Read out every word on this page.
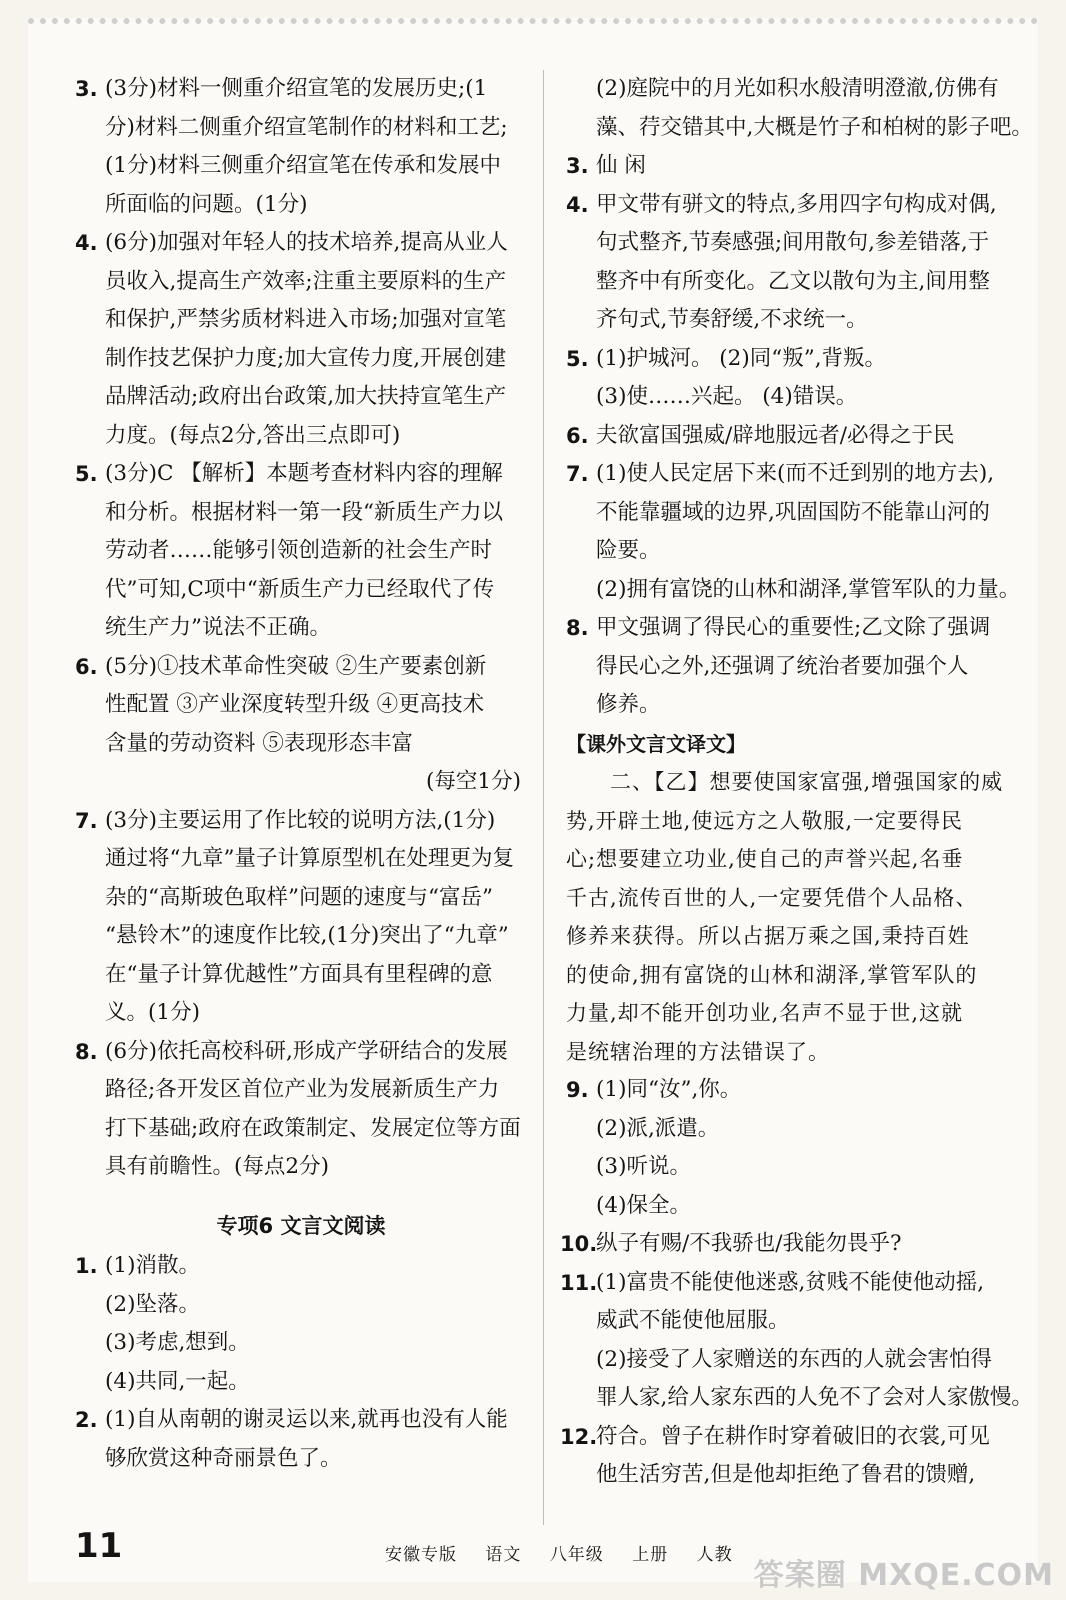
3. (3分)材料一侧重介绍宣笔的发展历史;(1
分)材料二侧重介绍宣笔制作的材料和工艺;
(1分)材料三侧重介绍宣笔在传承和发展中
所面临的问题。(1分)
4. (6分)加强对年轻人的技术培养,提高从业人
员收入,提高生产效率;注重主要原料的生产
和保护,严禁劣质材料进入市场;加强对宣笔
制作技艺保护力度;加大宣传力度,开展创建
品牌活动;政府出台政策,加大扶持宣笔生产
力度。(每点2分,答出三点即可)
5. (3分)C 【解析】本题考查材料内容的理解
和分析。根据材料一第一段“新质生产力以
劳动者……能够引领创造新的社会生产时
代”可知,C项中“新质生产力已经取代了传
统生产力”说法不正确。
6. (5分)①技术革命性突破 ②生产要素创新
性配置 ③产业深度转型升级 ④更高技术
含量的劳动资料 ⑤表现形态丰富
(每空1分)
7. (3分)主要运用了作比较的说明方法,(1分)
通过将“九章”量子计算原型机在处理更为复
杂的“高斯玻色取样”问题的速度与“富岳”
“悬铃木”的速度作比较,(1分)突出了“九章”
在“量子计算优越性”方面具有里程碑的意
义。(1分)
8. (6分)依托高校科研,形成产学研结合的发展
路径;各开发区首位产业为发展新质生产力
打下基础;政府在政策制定、发展定位等方面
具有前瞻性。(每点2分)
专项6 文言文阅读
1. (1)消散。
(2)坠落。
(3)考虑,想到。
(4)共同,一起。
2. (1)自从南朝的谢灵运以来,就再也没有人能
够欣赏这种奇丽景色了。
(2)庭院中的月光如积水般清明澄澈,仿佛有
藻、荇交错其中,大概是竹子和柏树的影子吧。
3. 仙 闲
4. 甲文带有骈文的特点,多用四字句构成对偶,
句式整齐,节奏感强;间用散句,参差错落,于
整齐中有所变化。乙文以散句为主,间用整
齐句式,节奏舒缓,不求统一。
5. (1)护城河。 (2)同“叛”,背叛。
(3)使……兴起。 (4)错误。
6. 夫欲富国强威/辟地服远者/必得之于民
7. (1)使人民定居下来(而不迁到别的地方去),
不能靠疆域的边界,巩固国防不能靠山河的
险要。
(2)拥有富饶的山林和湖泽,掌管军队的力量。
8. 甲文强调了得民心的重要性;乙文除了强调
得民心之外,还强调了统治者要加强个人
修养。
【课外文言文译文】
二、【乙】想要使国家富强,增强国家的威
势,开辟土地,使远方之人敬服,一定要得民
心;想要建立功业,使自己的声誉兴起,名垂
千古,流传百世的人,一定要凭借个人品格、
修养来获得。所以占据万乘之国,秉持百姓
的使命,拥有富饶的山林和湖泽,掌管军队的
力量,却不能开创功业,名声不显于世,这就
是统辖治理的方法错误了。
9. (1)同“汝”,你。
(2)派,派遣。
(3)听说。
(4)保全。
10.
纵子有赐/不我骄也/我能勿畏乎?
11.
(1)富贵不能使他迷惑,贫贱不能使他动摇,
威武不能使他屈服。
(2)接受了人家赠送的东西的人就会害怕得
罪人家,给人家东西的人免不了会对人家傲慢。
12.
符合。曾子在耕作时穿着破旧的衣裳,可见
他生活穷苦,但是他却拒绝了鲁君的馈赠,
11	安徽专版 语文 八年级 上册 人教
答案圈 MXQE.COM
